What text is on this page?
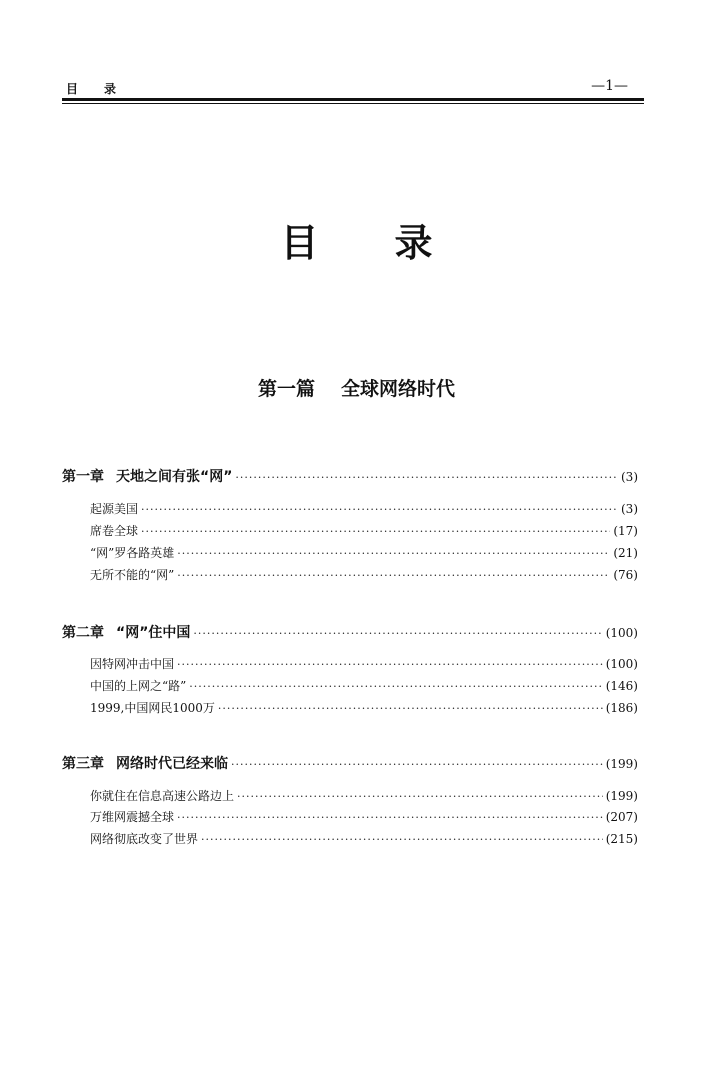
目录	—1—
目录
第一篇 全球网络时代
第一章 天地之间有张“网” ·····	(3)
起源美国 ·····	(3)
席卷全球 ·····	(17)
“网”罗各路英雄 ·····	(21)
无所不能的“网” ·····	(76)
第二章 “网”住中国 ·····	(100)
因特网冲击中国 ·····	(100)
中国的上网之“路” ·····	(146)
1999,中国网民1000万 ·····	(186)
第三章 网络时代已经来临 ·····	(199)
你就住在信息高速公路边上 ·····	(199)
万维网震撼全球 ·····	(207)
网络彻底改变了世界 ·····	(215)
